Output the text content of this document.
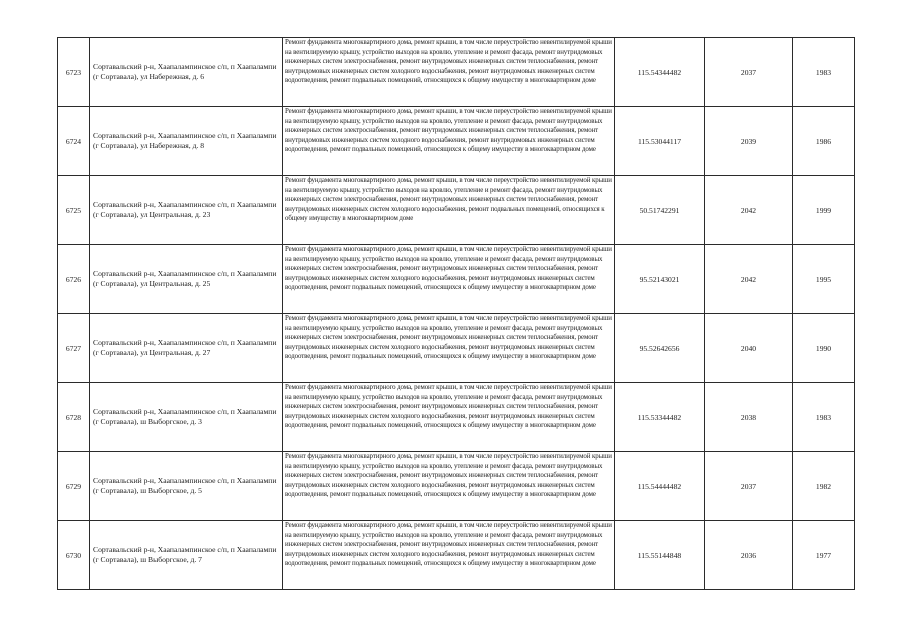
6723	Сортавальский р-н, Хаапалампинское с/п, п Хаапалампи (г Сортавала), ул Набережная, д. 6	Ремонт фундамента многоквартирного дома, ремонт крыши, в том числе переустройство невентилируемой крыши на вентилируемую крышу, устройство выходов на кровлю, утепление и ремонт фасада, ремонт внутридомовых инженерных систем электроснабжения, ремонт внутридомовых инженерных систем теплоснабжения, ремонт внутридомовых инженерных систем холодного водоснабжения, ремонт внутридомовых инженерных систем водоотведения, ремонт подвальных помещений, относящихся к общему имуществу в многоквартирном доме	115.54344482	2037	1983
6724	Сортавальский р-н, Хаапалампинское с/п, п Хаапалампи (г Сортавала), ул Набережная, д. 8	Ремонт фундамента многоквартирного дома, ремонт крыши, в том числе переустройство невентилируемой крыши на вентилируемую крышу, устройство выходов на кровлю, утепление и ремонт фасада, ремонт внутридомовых инженерных систем электроснабжения, ремонт внутридомовых инженерных систем теплоснабжения, ремонт внутридомовых инженерных систем холодного водоснабжения, ремонт внутридомовых инженерных систем водоотведения, ремонт подвальных помещений, относящихся к общему имуществу в многоквартирном доме	115.53044117	2039	1986
6725	Сортавальский р-н, Хаапалампинское с/п, п Хаапалампи (г Сортавала), ул Центральная, д. 23	Ремонт фундамента многоквартирного дома, ремонт крыши, в том числе переустройство невентилируемой крыши на вентилируемую крышу, устройство выходов на кровлю, утепление и ремонт фасада, ремонт внутридомовых инженерных систем электроснабжения, ремонт внутридомовых инженерных систем теплоснабжения, ремонт внутридомовых инженерных систем холодного водоснабжения, ремонт подвальных помещений, относящихся к общему имуществу в многоквартирном доме	50.51742291	2042	1999
6726	Сортавальский р-н, Хаапалампинское с/п, п Хаапалампи (г Сортавала), ул Центральная, д. 25	Ремонт фундамента многоквартирного дома, ремонт крыши, в том числе переустройство невентилируемой крыши на вентилируемую крышу, устройство выходов на кровлю, утепление и ремонт фасада, ремонт внутридомовых инженерных систем электроснабжения, ремонт внутридомовых инженерных систем теплоснабжения, ремонт внутридомовых инженерных систем холодного водоснабжения, ремонт внутридомовых инженерных систем водоотведения, ремонт подвальных помещений, относящихся к общему имуществу в многоквартирном доме	95.52143021	2042	1995
6727	Сортавальский р-н, Хаапалампинское с/п, п Хаапалампи (г Сортавала), ул Центральная, д. 27	Ремонт фундамента многоквартирного дома, ремонт крыши, в том числе переустройство невентилируемой крыши на вентилируемую крышу, устройство выходов на кровлю, утепление и ремонт фасада, ремонт внутридомовых инженерных систем электроснабжения, ремонт внутридомовых инженерных систем теплоснабжения, ремонт внутридомовых инженерных систем холодного водоснабжения, ремонт внутридомовых инженерных систем водоотведения, ремонт подвальных помещений, относящихся к общему имуществу в многоквартирном доме	95.52642656	2040	1990
6728	Сортавальский р-н, Хаапалампинское с/п, п Хаапалампи (г Сортавала), ш Выборгское, д. 3	Ремонт фундамента многоквартирного дома, ремонт крыши, в том числе переустройство невентилируемой крыши на вентилируемую крышу, устройство выходов на кровлю, утепление и ремонт фасада, ремонт внутридомовых инженерных систем электроснабжения, ремонт внутридомовых инженерных систем теплоснабжения, ремонт внутридомовых инженерных систем холодного водоснабжения, ремонт внутридомовых инженерных систем водоотведения, ремонт подвальных помещений, относящихся к общему имуществу в многоквартирном доме	115.53344482	2038	1983
6729	Сортавальский р-н, Хаапалампинское с/п, п Хаапалампи (г Сортавала), ш Выборгское, д. 5	Ремонт фундамента многоквартирного дома, ремонт крыши, в том числе переустройство невентилируемой крыши на вентилируемую крышу, устройство выходов на кровлю, утепление и ремонт фасада, ремонт внутридомовых инженерных систем электроснабжения, ремонт внутридомовых инженерных систем теплоснабжения, ремонт внутридомовых инженерных систем холодного водоснабжения, ремонт внутридомовых инженерных систем водоотведения, ремонт подвальных помещений, относящихся к общему имуществу в многоквартирном доме	115.54444482	2037	1982
6730	Сортавальский р-н, Хаапалампинское с/п, п Хаапалампи (г Сортавала), ш Выборгское, д. 7	Ремонт фундамента многоквартирного дома, ремонт крыши, в том числе переустройство невентилируемой крыши на вентилируемую крышу, устройство выходов на кровлю, утепление и ремонт фасада, ремонт внутридомовых инженерных систем электроснабжения, ремонт внутридомовых инженерных систем теплоснабжения, ремонт внутридомовых инженерных систем холодного водоснабжения, ремонт внутридомовых инженерных систем водоотведения, ремонт подвальных помещений, относящихся к общему имуществу в многоквартирном доме	115.55144848	2036	1977
